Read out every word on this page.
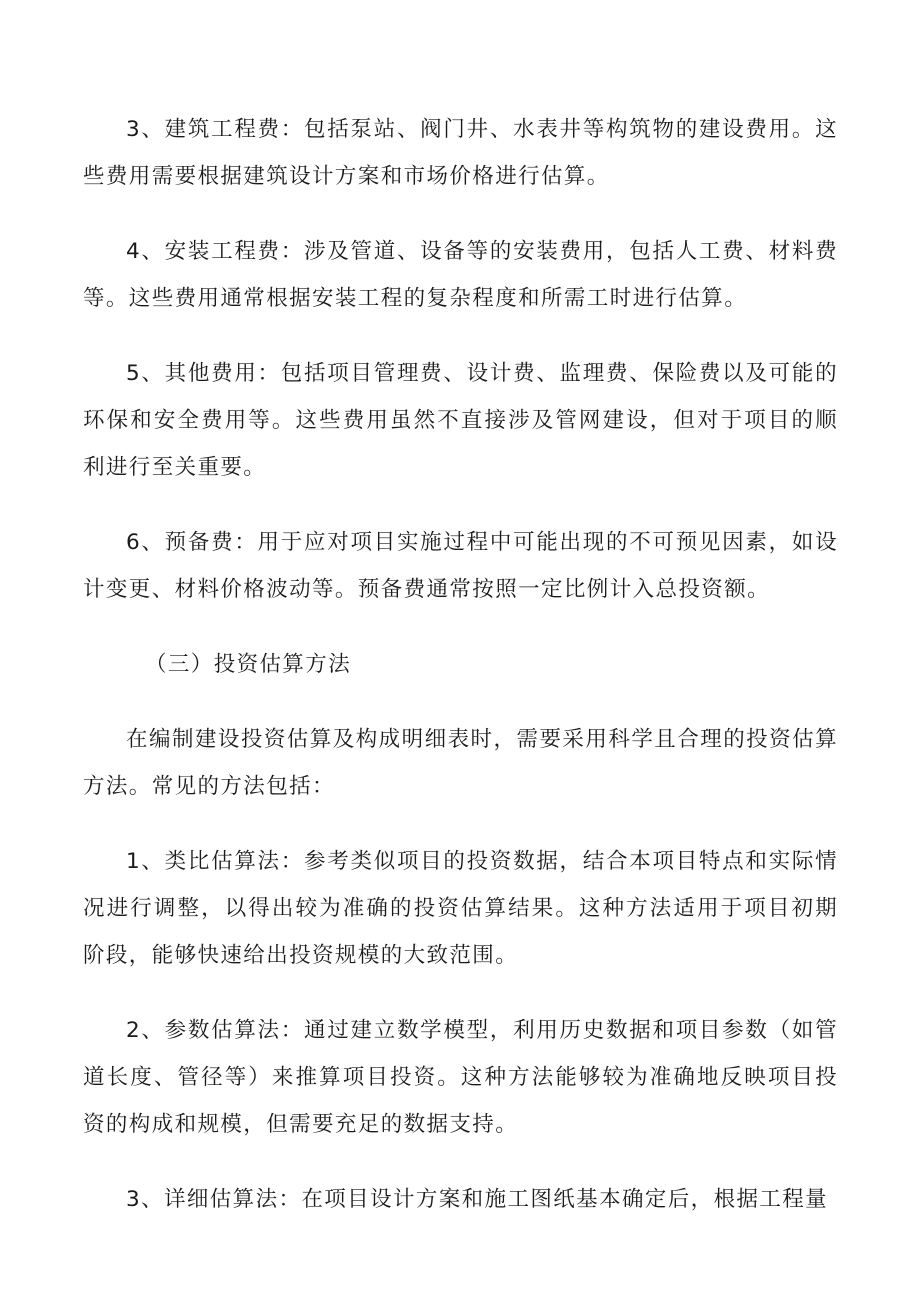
3、建筑工程费：包括泵站、阀门井、水表井等构筑物的建设费用。这些费用需要根据建筑设计方案和市场价格进行估算。

4、安装工程费：涉及管道、设备等的安装费用，包括人工费、材料费等。这些费用通常根据安装工程的复杂程度和所需工时进行估算。

5、其他费用：包括项目管理费、设计费、监理费、保险费以及可能的环保和安全费用等。这些费用虽然不直接涉及管网建设，但对于项目的顺利进行至关重要。

6、预备费：用于应对项目实施过程中可能出现的不可预见因素，如设计变更、材料价格波动等。预备费通常按照一定比例计入总投资额。

（三）投资估算方法

在编制建设投资估算及构成明细表时，需要采用科学且合理的投资估算方法。常见的方法包括：

1、类比估算法：参考类似项目的投资数据，结合本项目特点和实际情况进行调整，以得出较为准确的投资估算结果。这种方法适用于项目初期阶段，能够快速给出投资规模的大致范围。

2、参数估算法：通过建立数学模型，利用历史数据和项目参数（如管道长度、管径等）来推算项目投资。这种方法能够较为准确地反映项目投资的构成和规模，但需要充足的数据支持。

3、详细估算法：在项目设计方案和施工图纸基本确定后，根据工程量
